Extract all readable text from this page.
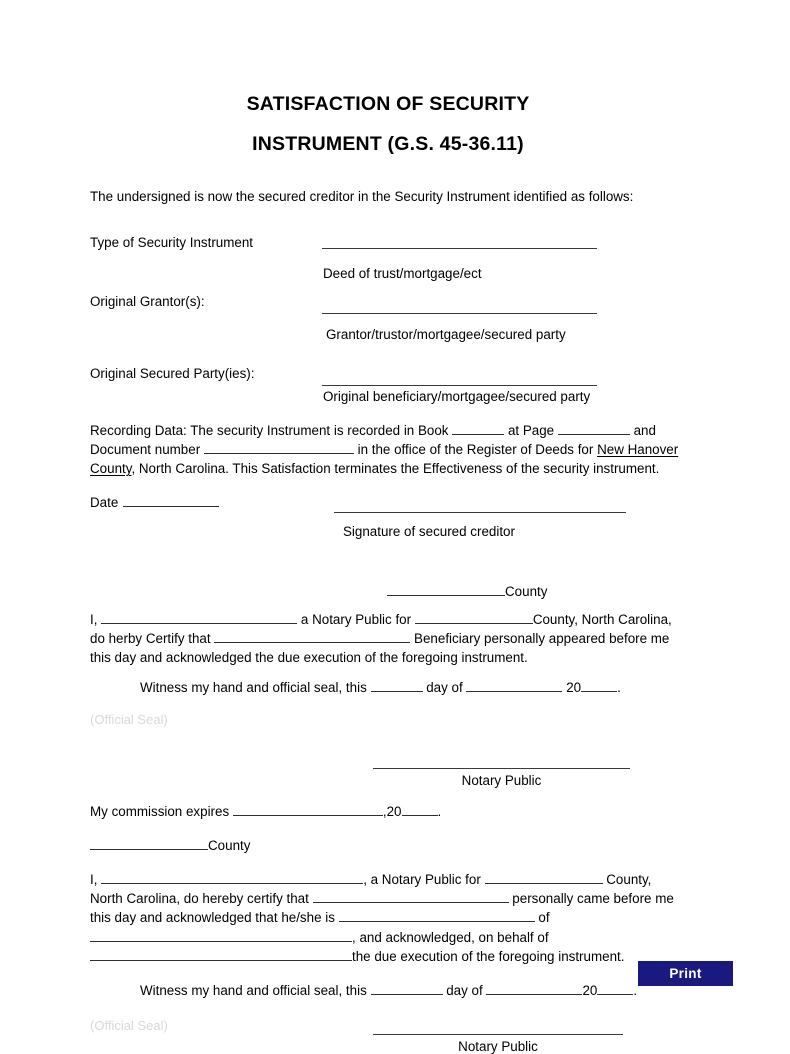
SATISFACTION OF SECURITY
INSTRUMENT (G.S. 45-36.11)
The undersigned is now the secured creditor in the Security Instrument identified as follows:
Type of Security Instrument
Deed of trust/mortgage/ect
Original Grantor(s):
Grantor/trustor/mortgagee/secured party
Original Secured Party(ies):
Original beneficiary/mortgagee/secured party
Recording Data: The security Instrument is recorded in Book	at Page	and Document number	in the office of the Register of Deeds for New Hanover County, North Carolina. This Satisfaction terminates the Effectiveness of the security instrument.
Date
Signature of secured creditor
County
I,	a Notary Public for	County, North Carolina, do herby Certify that	Beneficiary personally appeared before me this day and acknowledged the due execution of the foregoing instrument.
Witness my hand and official seal, this	day of	20	.
(Official Seal)
Notary Public
My commission expires	,20	.
County
I,	, a Notary Public for	County, North Carolina, do hereby certify that	personally came before me this day and acknowledged that he/she is	of , and acknowledged, on behalf of the due execution of the foregoing instrument.
Witness my hand and official seal, this	day of	20	.
(Official Seal)
Notary Public
Print
